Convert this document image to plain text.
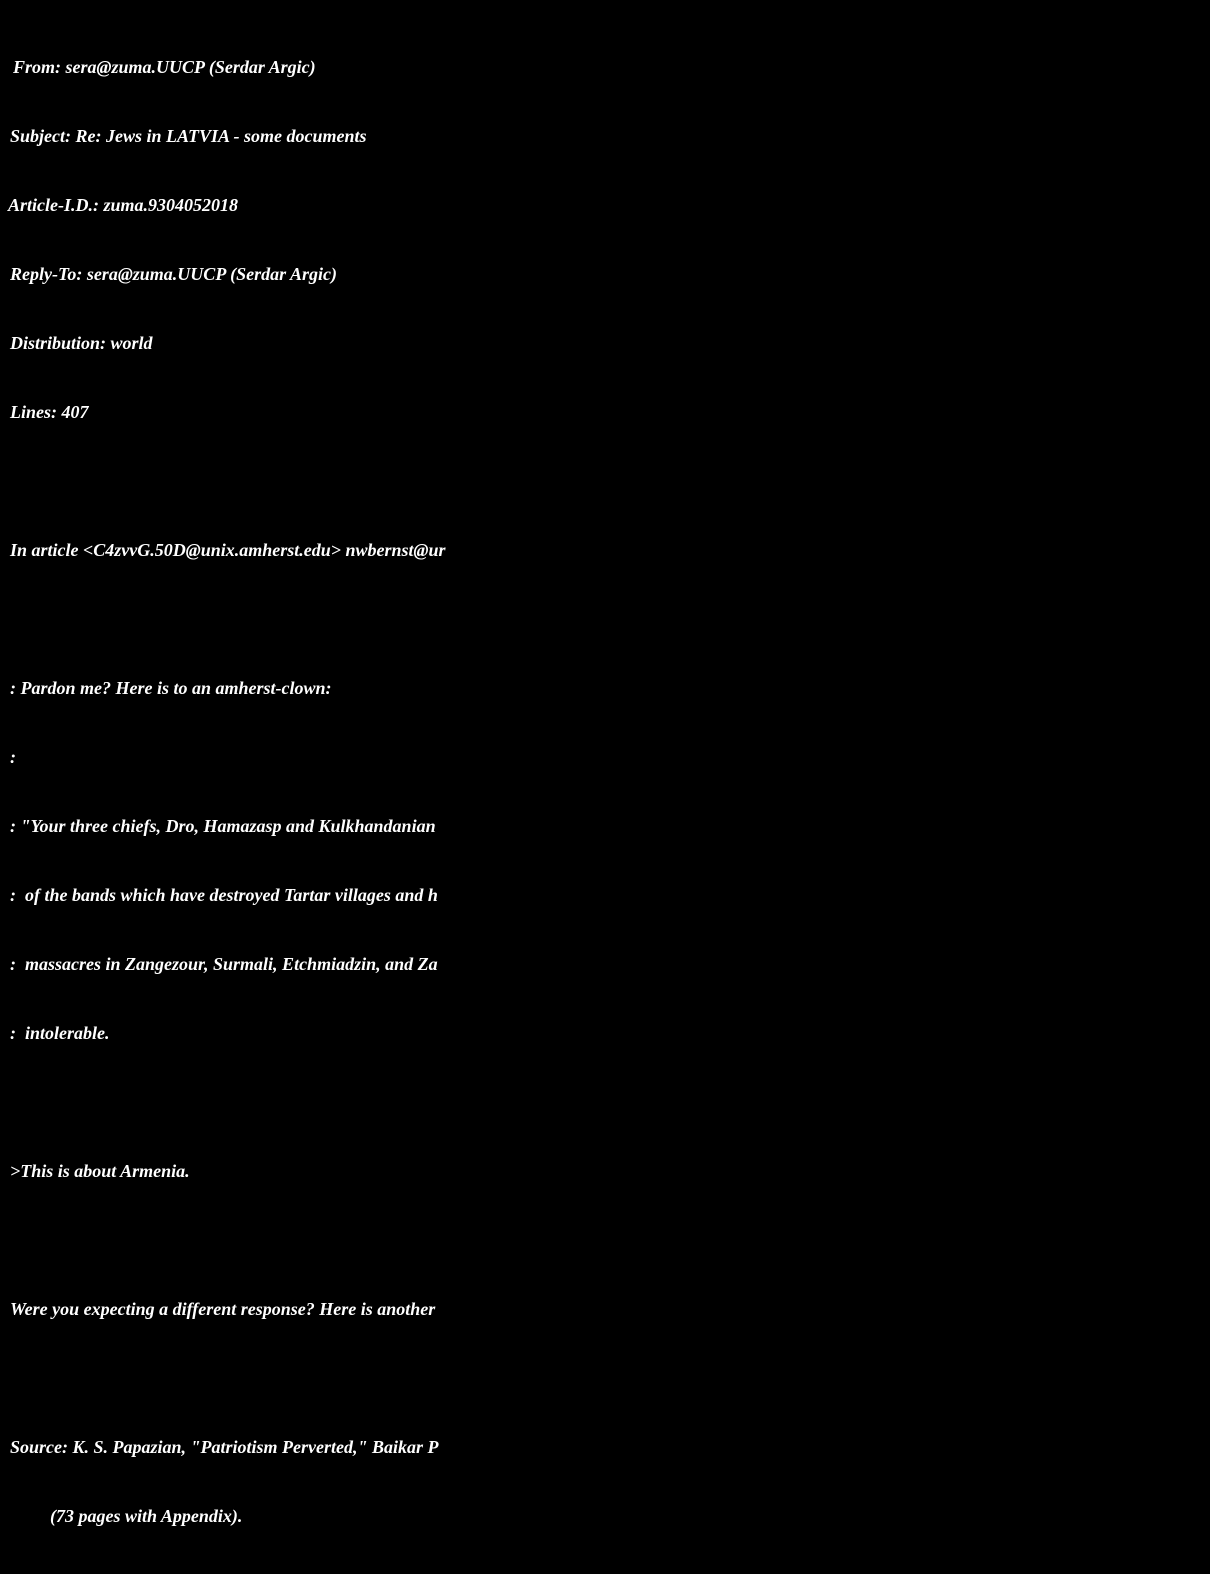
From: sera@zuma.UUCP (Serdar Argic)

Subject: Re: Jews in LATVIA - some documents

Article-I.D.: zuma.9304052018

Reply-To: sera@zuma.UUCP (Serdar Argic)

Distribution: world

Lines: 407

In article <C4zvvG.50D@unix.amherst.edu> nwbernst@ur

: Pardon me? Here is to an amherst-clown:

:

: "Your three chiefs, Dro, Hamazasp and Kulkhandanian

:  of the bands which have destroyed Tartar villages and h

:  massacres in Zangezour, Surmali, Etchmiadzin, and Za

:  intolerable.

>This is about Armenia.

Were you expecting a different response? Here is another

Source: K. S. Papazian, "Patriotism Perverted," Baikar P

(73 pages with Appendix).
